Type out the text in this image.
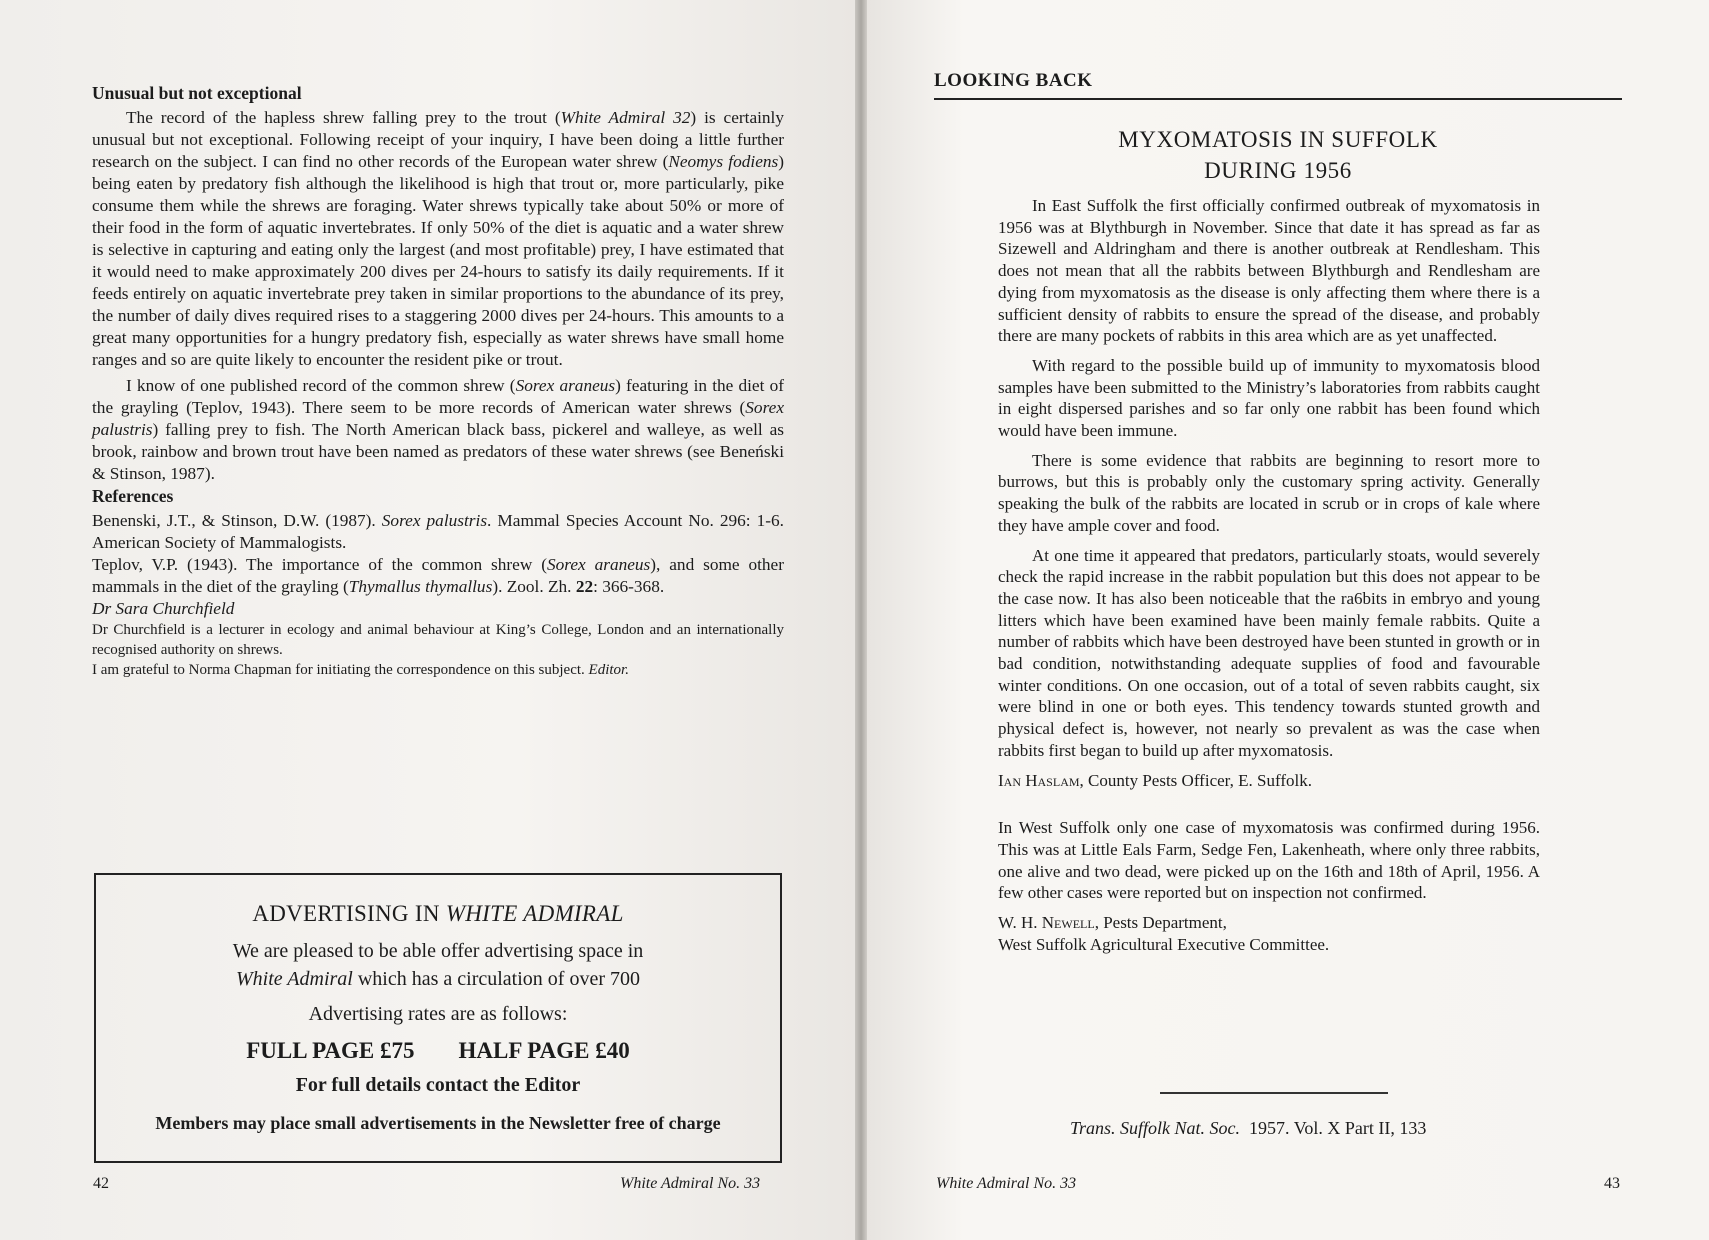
Unusual but not exceptional

The record of the hapless shrew falling prey to the trout (White Admiral 32) is certainly unusual but not exceptional. Following receipt of your inquiry, I have been doing a little further research on the subject. I can find no other records of the European water shrew (Neomys fodiens) being eaten by predatory fish although the likelihood is high that trout or, more particularly, pike consume them while the shrews are foraging. Water shrews typically take about 50% or more of their food in the form of aquatic invertebrates. If only 50% of the diet is aquatic and a water shrew is selective in capturing and eating only the largest (and most profitable) prey, I have estimated that it would need to make approximately 200 dives per 24-hours to satisfy its daily requirements. If it feeds entirely on aquatic invertebrate prey taken in similar proportions to the abundance of its prey, the number of daily dives required rises to a staggering 2000 dives per 24-hours. This amounts to a great many opportunities for a hungry predatory fish, especially as water shrews have small home ranges and so are quite likely to encounter the resident pike or trout.

I know of one published record of the common shrew (Sorex araneus) featuring in the diet of the grayling (Teplov, 1943). There seem to be more records of American water shrews (Sorex palustris) falling prey to fish. The North American black bass, pickerel and walleye, as well as brook, rainbow and brown trout have been named as predators of these water shrews (see Beneński & Stinson, 1987).

References

Benenski, J.T., & Stinson, D.W. (1987). Sorex palustris. Mammal Species Account No. 296: 1-6. American Society of Mammalogists.

Teplov, V.P. (1943). The importance of the common shrew (Sorex araneus), and some other mammals in the diet of the grayling (Thymallus thymallus). Zool. Zh. 22: 366-368.

Dr Sara Churchfield

Dr Churchfield is a lecturer in ecology and animal behaviour at King’s College, London and an internationally recognised authority on shrews.

I am grateful to Norma Chapman for initiating the correspondence on this subject. Editor.

ADVERTISING IN WHITE ADMIRAL
We are pleased to be able offer advertising space in
White Admiral which has a circulation of over 700
Advertising rates are as follows:
FULL PAGE £75 HALF PAGE £40
For full details contact the Editor
Members may place small advertisements in the Newsletter free of charge
42	White Admiral No. 33
LOOKING BACK
MYXOMATOSIS IN SUFFOLK
DURING 1956

In East Suffolk the first officially confirmed outbreak of myxomatosis in 1956 was at Blythburgh in November. Since that date it has spread as far as Sizewell and Aldringham and there is another outbreak at Rendlesham. This does not mean that all the rabbits between Blythburgh and Rendlesham are dying from myxomatosis as the disease is only affecting them where there is a sufficient density of rabbits to ensure the spread of the disease, and probably there are many pockets of rabbits in this area which are as yet unaffected.

With regard to the possible build up of immunity to myxomatosis blood samples have been submitted to the Ministry’s laboratories from rabbits caught in eight dispersed parishes and so far only one rabbit has been found which would have been immune.

There is some evidence that rabbits are beginning to resort more to burrows, but this is probably only the customary spring activity. Generally speaking the bulk of the rabbits are located in scrub or in crops of kale where they have ample cover and food.

At one time it appeared that predators, particularly stoats, would severely check the rapid increase in the rabbit population but this does not appear to be the case now. It has also been noticeable that the ra6bits in embryo and young litters which have been examined have been mainly female rabbits. Quite a number of rabbits which have been destroyed have been stunted in growth or in bad condition, notwithstanding adequate supplies of food and favourable winter conditions. On one occasion, out of a total of seven rabbits caught, six were blind in one or both eyes. This tendency towards stunted growth and physical defect is, however, not nearly so prevalent as was the case when rabbits first began to build up after myxomatosis.

Ian Haslam, County Pests Officer, E. Suffolk.

In West Suffolk only one case of myxomatosis was confirmed during 1956. This was at Little Eals Farm, Sedge Fen, Lakenheath, where only three rabbits, one alive and two dead, were picked up on the 16th and 18th of April, 1956. A few other cases were reported but on inspection not confirmed.

W. H. Newell, Pests Department,

West Suffolk Agricultural Executive Committee.

Trans. Suffolk Nat. Soc. 1957. Vol. X Part II, 133
White Admiral No. 33	43
